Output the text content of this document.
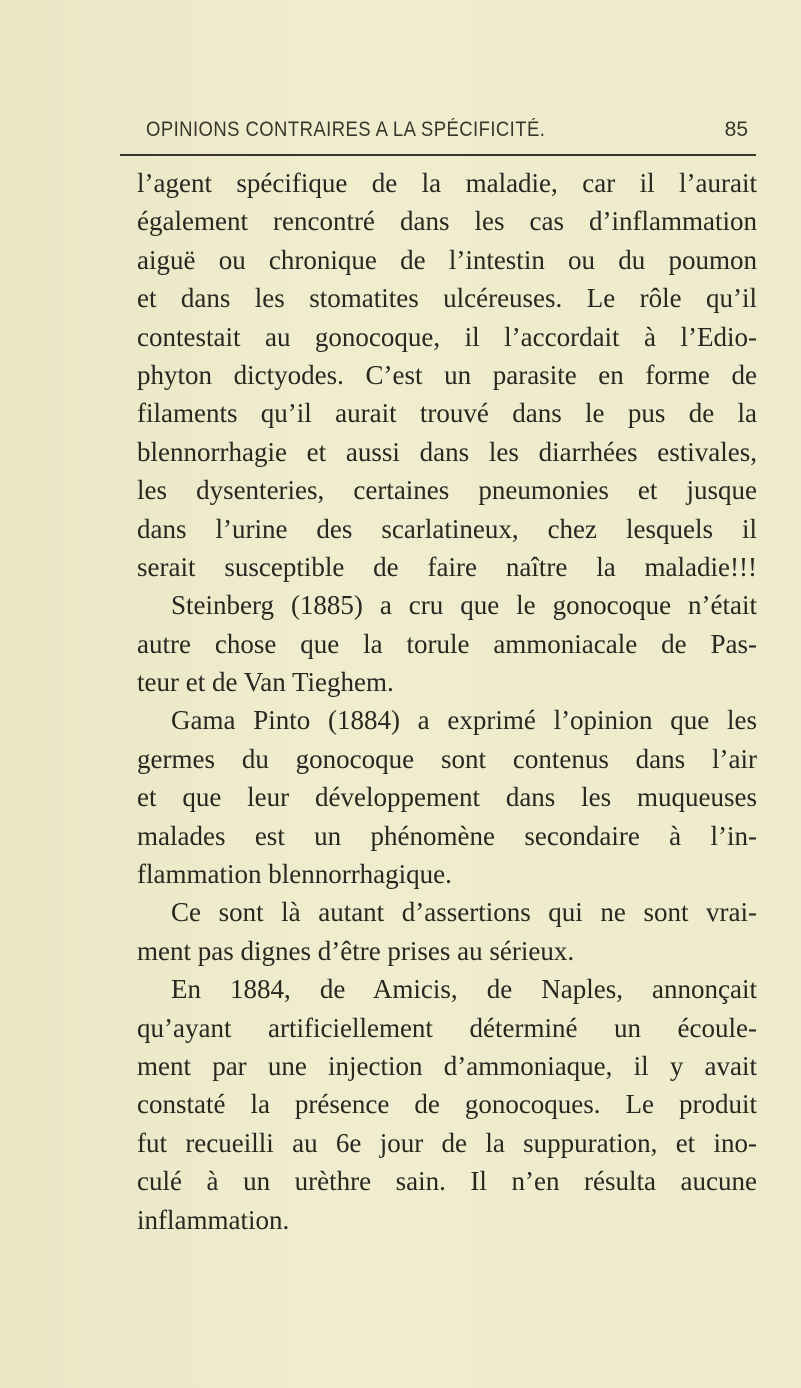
OPINIONS CONTRAIRES A LA SPÉCIFICITÉ.	85
l’agent spécifique de la maladie, car il l’aurait
également rencontré dans les cas d’inflammation
aiguë ou chronique de l’intestin ou du poumon
et dans les stomatites ulcéreuses. Le rôle qu’il
contestait au gonocoque, il l’accordait à l’Edio-
phyton dictyodes. C’est un parasite en forme de
filaments qu’il aurait trouvé dans le pus de la
blennorrhagie et aussi dans les diarrhées estivales,
les dysenteries, certaines pneumonies et jusque
dans l’urine des scarlatineux, chez lesquels il
serait susceptible de faire naître la maladie!!!
Steinberg (1885) a cru que le gonocoque n’était
autre chose que la torule ammoniacale de Pas-
teur et de Van Tieghem.
Gama Pinto (1884) a exprimé l’opinion que les
germes du gonocoque sont contenus dans l’air
et que leur développement dans les muqueuses
malades est un phénomène secondaire à l’in-
flammation blennorrhagique.
Ce sont là autant d’assertions qui ne sont vrai-
ment pas dignes d’être prises au sérieux.
En 1884, de Amicis, de Naples, annonçait
qu’ayant artificiellement déterminé un écoule-
ment par une injection d’ammoniaque, il y avait
constaté la présence de gonocoques. Le produit
fut recueilli au 6e jour de la suppuration, et ino-
culé à un urèthre sain. Il n’en résulta aucune
inflammation.
